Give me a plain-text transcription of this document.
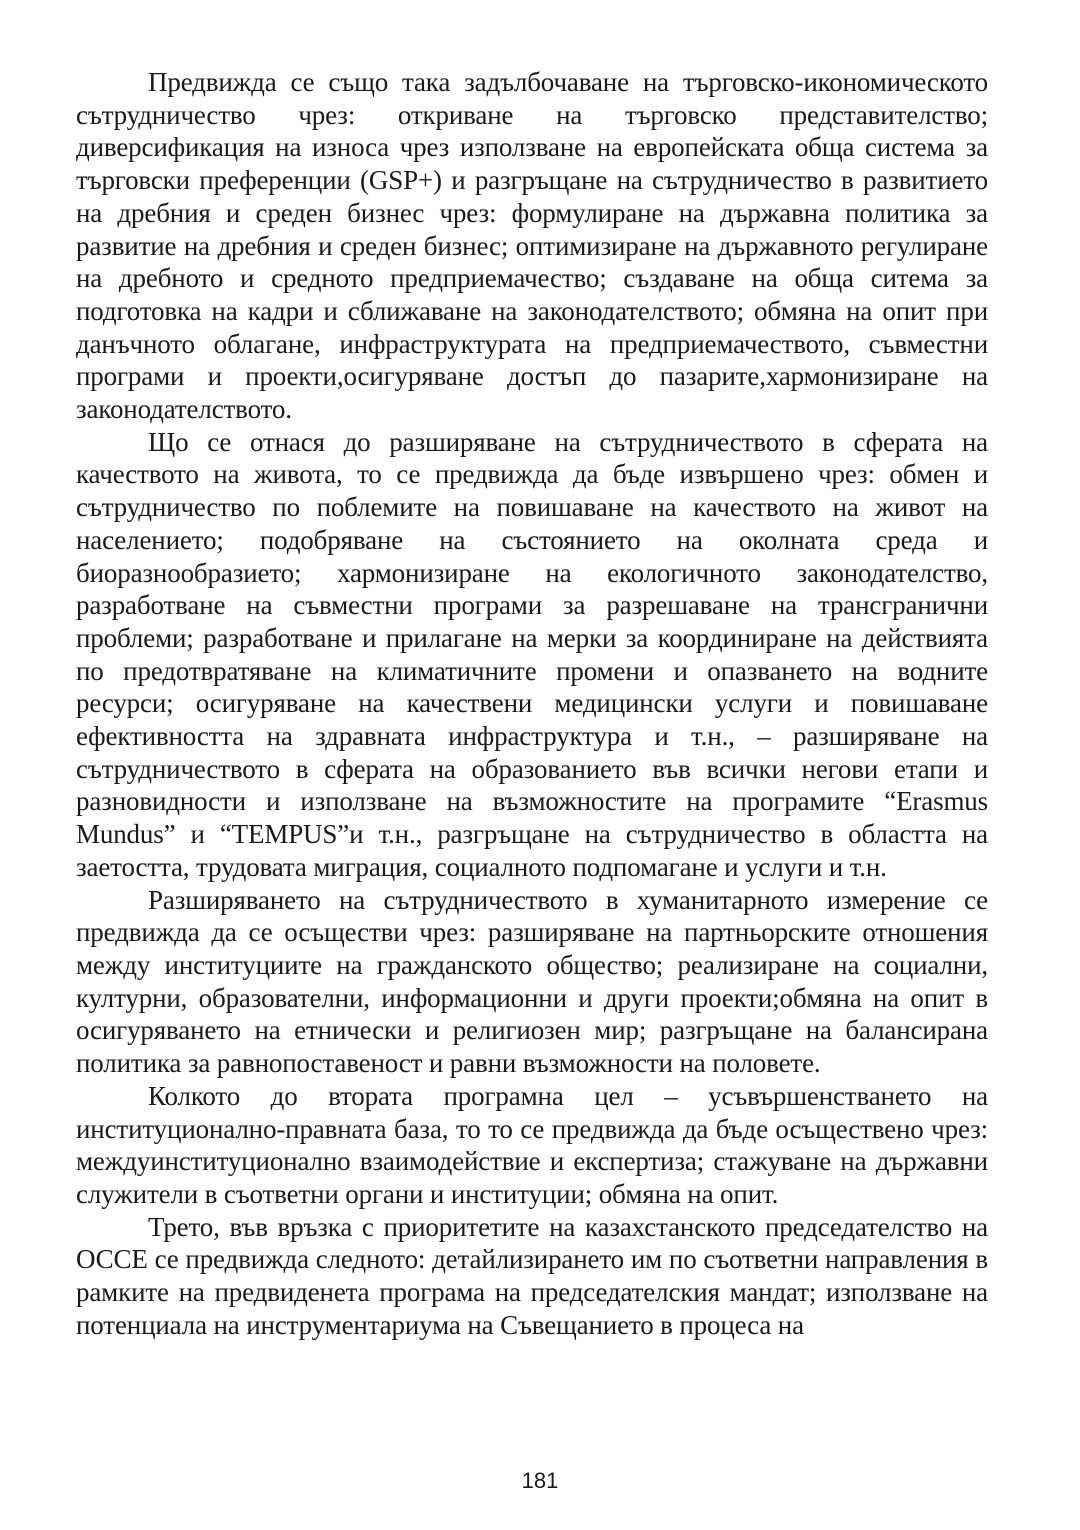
Предвижда се също така задълбочаване на търговско-икономическото сътрудничество чрез: откриване на търговско представителство; диверсификация на износа чрез използване на европейската обща система за търговски преференции (GSP+) и разгръщане на сътрудничество в развитието на дребния и среден бизнес чрез: формулиране на държавна политика за развитие на дребния и среден бизнес; оптимизиране на държавното регулиране на дребното и средното предприемачество; създаване на обща ситема за подготовка на кадри и сближаване на законодателството; обмяна на опит при данъчното облагане, инфраструктурата на предприемачеството, съвместни програми и проекти,осигуряване достъп до пазарите,хармонизиране на законодателството.

Що се отнася до разширяване на сътрудничеството в сферата на качеството на живота, то се предвижда да бъде извършено чрез: обмен и сътрудничество по поблемите на повишаване на качеството на живот на населението; подобряване на състоянието на околната среда и биоразнообразието; хармонизиране на екологичното законодателство, разработване на съвместни програми за разрешаване на трансгранични проблеми; разработване и прилагане на мерки за координиране на действията по предотвратяване на климатичните промени и опазването на водните ресурси; осигуряване на качествени медицински услуги и повишаване ефективността на здравната инфраструктура и т.н., – разширяване на сътрудничеството в сферата на образованието във всички негови етапи и разновидности и използване на възможностите на програмите “Erasmus Mundus” и “TEMPUS”и т.н., разгръщане на сътрудничество в областта на заетостта, трудовата миграция, социалното подпомагане и услуги и т.н.

Разширяването на сътрудничеството в хуманитарното измерение се предвижда да се осъществи чрез: разширяване на партньорските отношения между институциите на гражданското общество; реализиране на социални, културни, образователни, информационни и други проекти;обмяна на опит в осигуряването на етнически и религиозен мир; разгръщане на балансирана политика за равнопоставеност и равни възможности на половете.

Колкото до втората програмна цел – усъвършенстването на институционално-правната база, то то се предвижда да бъде осъществено чрез: междуинституционално взаимодействие и експертиза; стажуване на държавни служители в съответни органи и институции; обмяна на опит.

Трето, във връзка с приоритетите на казахстанското председателство на ОССЕ се предвижда следното: детайлизирането им по съответни направления в рамките на предвиденета програма на председателския мандат; използване на потенциала на инструментариума на Съвещанието в процеса на

181
